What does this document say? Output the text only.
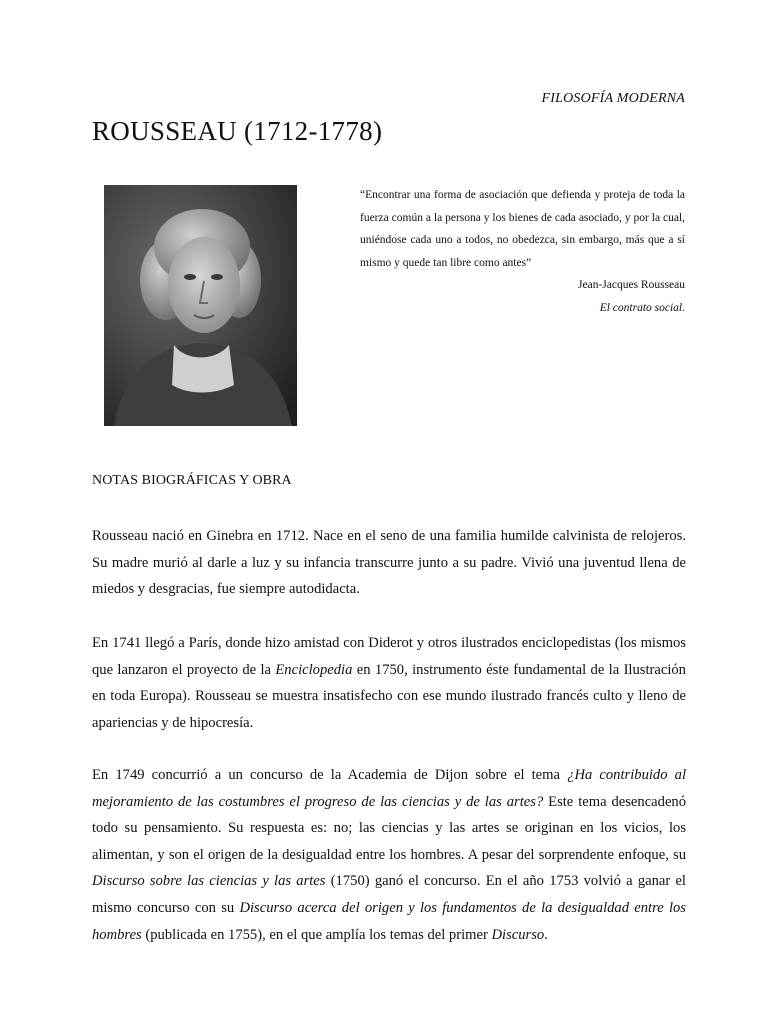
FILOSOFÍA MODERNA
ROUSSEAU (1712-1778)

“Encontrar una forma de asociación que defienda y proteja de toda la fuerza común a la persona y los bienes de cada asociado, y por la cual, uniéndose cada uno a todos, no obedezca, sin embargo, más que a sí mismo y quede tan libre como antes”

Jean-Jacques Rousseau

El contrato social.

NOTAS BIOGRÁFICAS Y OBRA

Rousseau nació en Ginebra en 1712. Nace en el seno de una familia humilde calvinista de relojeros. Su madre murió al darle a luz y su infancia transcurre junto a su padre. Vivió una juventud llena de miedos y desgracias, fue siempre autodidacta.

En 1741 llegó a París, donde hizo amistad con Diderot y otros ilustrados enciclopedistas (los mismos que lanzaron el proyecto de la Enciclopedia en 1750, instrumento éste fundamental de la Ilustración en toda Europa). Rousseau se muestra insatisfecho con ese mundo ilustrado francés culto y lleno de apariencias y de hipocresía.

En 1749 concurrió a un concurso de la Academia de Dijon sobre el tema ¿Ha contribuido al mejoramiento de las costumbres el progreso de las ciencias y de las artes? Este tema desencadenó todo su pensamiento. Su respuesta es: no; las ciencias y las artes se originan en los vicios, los alimentan, y son el origen de la desigualdad entre los hombres. A pesar del sorprendente enfoque, su Discurso sobre las ciencias y las artes (1750) ganó el concurso. En el año 1753 volvió a ganar el mismo concurso con su Discurso acerca del origen y los fundamentos de la desigualdad entre los hombres (publicada en 1755), en el que amplía los temas del primer Discurso.
